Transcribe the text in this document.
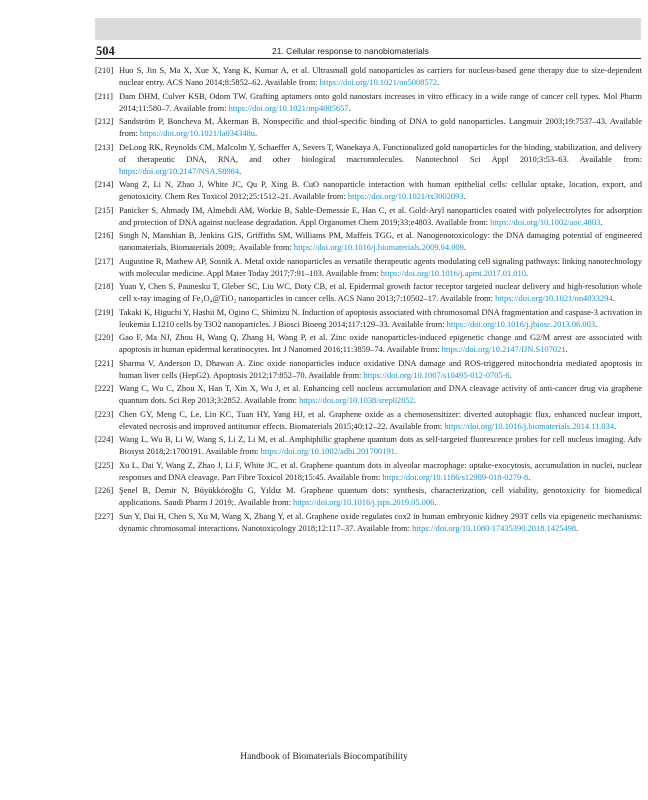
504	21. Cellular response to nanobiomaterials
[210] Huo S, Jin S, Ma X, Xue X, Yang K, Kumar A, et al. Ultrasmall gold nanoparticles as carriers for nucleus-based gene therapy due to size-dependent nuclear entry. ACS Nano 2014;8:5852–62. Available from: https://doi.org/10.1021/nn5008572.
[211] Dam DHM, Culver KSB, Odom TW. Grafting aptamers onto gold nanostars increases in vitro efficacy in a wide range of cancer cell types. Mol Pharm 2014;11:580–7. Available from: https://doi.org/10.1021/mp4005657.
[212] Sandström P, Boncheva M, Åkerman B. Nonspecific and thiol-specific binding of DNA to gold nanoparticles. Langmuir 2003;19:7537–43. Available from: https://doi.org/10.1021/la034348u.
[213] DeLong RK, Reynolds CM, Malcolm Y, Schaeffer A, Severs T, Wanekaya A. Functionalized gold nanoparticles for the binding, stabilization, and delivery of therapeutic DNA, RNA, and other biological macromolecules. Nanotechnol Sci Appl 2010;3:53–63. Available from: https://doi.org/10.2147/NSA.S8984.
[214] Wang Z, Li N, Zhao J, White JC, Qu P, Xing B. CuO nanoparticle interaction with human epithelial cells: cellular uptake, location, export, and genotoxicity. Chem Res Toxicol 2012;25:1512–21. Available from: https://doi.org/10.1021/tx3002093.
[215] Panicker S, Ahmady IM, Almehdi AM, Workie B, Sahle-Demessie E, Han C, et al. Gold-Aryl nanoparticles coated with polyelectrolytes for adsorption and protection of DNA against nuclease degradation. Appl Organomet Chem 2019;33:e4803. Available from: https://doi.org/10.1002/aoc.4803.
[216] Singh N, Manshian B, Jenkins GJS, Griffiths SM, Williams PM, Maffeis TGG, et al. Nanogenotoxicology: the DNA damaging potential of engineered nanomaterials. Biomaterials 2009;. Available from: https://doi.org/10.1016/j.biomaterials.2009.04.009.
[217] Augustine R, Mathew AP, Sosnik A. Metal oxide nanoparticles as versatile therapeutic agents modulating cell signaling pathways: linking nanotechnology with molecular medicine. Appl Mater Today 2017;7:91–103. Available from: https://doi.org/10.1016/j.apmt.2017.01.010.
[218] Yuan Y, Chen S, Paunesku T, Gleber SC, Liu WC, Doty CB, et al. Epidermal growth factor receptor targeted nuclear delivery and high-resolution whole cell x-ray imaging of Fe₃O₄@TiO₂ nanoparticles in cancer cells. ACS Nano 2013;7:10502–17. Available from: https://doi.org/10.1021/nn4033294.
[219] Takaki K, Higuchi Y, Hashii M, Ogino C, Shimizu N. Induction of apoptosis associated with chromosomal DNA fragmentation and caspase-3 activation in leukemia L1210 cells by TiO2 nanoparticles. J Biosci Bioeng 2014;117:129–33. Available from: https://doi.org/10.1016/j.jbiosc.2013.06.003.
[220] Gao F, Ma NJ, Zhou H, Wang Q, Zhang H, Wang P, et al. Zinc oxide nanoparticles-induced epigenetic change and G2/M arrest are associated with apoptosis in human epidermal keratinocytes. Int J Nanomed 2016;11:3859–74. Available from: https://doi.org/10.2147/IJN.S107021.
[221] Sharma V, Anderson D, Dhawan A. Zinc oxide nanoparticles induce oxidative DNA damage and ROS-triggered mitochondria mediated apoptosis in human liver cells (HepG2). Apoptosis 2012;17:852–70. Available from: https://doi.org/10.1007/s10495-012-0705-6.
[222] Wang C, Wu C, Zhou X, Han T, Xin X, Wu J, et al. Enhancing cell nucleus accumulation and DNA cleavage activity of anti-cancer drug via graphene quantum dots. Sci Rep 2013;3:2852. Available from: https://doi.org/10.1038/srep02852.
[223] Chen GY, Meng C, Le, Lin KC, Tuan HY, Yang HJ, et al. Graphene oxide as a chemosensitizer: diverted autophagic flux, enhanced nuclear import, elevated necrosis and improved antitumor effects. Biomaterials 2015;40:12–22. Available from: https://doi.org/10.1016/j.biomaterials.2014.11.034.
[224] Wang L, Wu B, Li W, Wang S, Li Z, Li M, et al. Amphiphilic graphene quantum dots as self-targeted fluorescence probes for cell nucleus imaging. Adv Biosyst 2018;2:1700191. Available from: https://doi.org/10.1002/adbi.201700191.
[225] Xu L, Dai Y, Wang Z, Zhao J, Li F, White JC, et al. Graphene quantum dots in alveolar macrophage: uptake-exocytosis, accumulation in nuclei, nuclear responses and DNA cleavage. Part Fibre Toxicol 2018;15:45. Available from: https://doi.org/10.1186/s12989-018-0279-8.
[226] Şenel B, Demir N, Büyükköroğlu G, Yıldız M. Graphene quantum dots: synthesis, characterization, cell viability, genotoxicity for biomedical applications. Saudi Pharm J 2019;. Available from: https://doi.org/10.1016/j.jsps.2019.05.006.
[227] Sun Y, Dai H, Chen S, Xu M, Wang X, Zhang Y, et al. Graphene oxide regulates cox2 in human embryonic kidney 293T cells via epigenetic mechanisms: dynamic chromosomal interactions. Nanotoxicology 2018;12:117–37. Available from: https://doi.org/10.1080/17435390.2018.1425498.
Handbook of Biomaterials Biocompatibility
